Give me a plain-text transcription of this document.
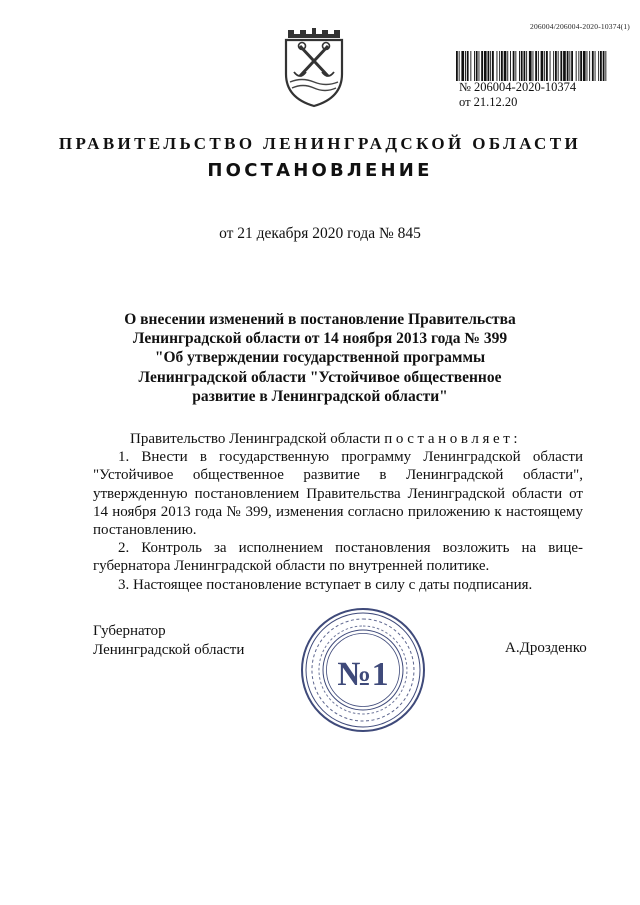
206004/206004-2020-10374(1)
№ 206004-2020-10374
от 21.12.20
ПРАВИТЕЛЬСТВО ЛЕНИНГРАДСКОЙ ОБЛАСТИ
ПОСТАНОВЛЕНИЕ
от 21 декабря 2020 года № 845
О внесении изменений в постановление Правительства
Ленинградской области от 14 ноября 2013 года № 399
"Об утверждении государственной программы
Ленинградской области "Устойчивое общественное
развитие в Ленинградской области"

Правительство Ленинградской области постановляет:

1. Внести в государственную программу Ленинградской области "Устойчивое общественное развитие в Ленинградской области", утвержденную постановлением Правительства Ленинградской области от 14 ноября 2013 года № 399, изменения согласно приложению к настоящему постановлению.

2. Контроль за исполнением постановления возложить на вице-губернатора Ленинградской области по внутренней политике.

3. Настоящее постановление вступает в силу с даты подписания.

Губернатор
Ленинградской области	А.Дрозденко
№1
